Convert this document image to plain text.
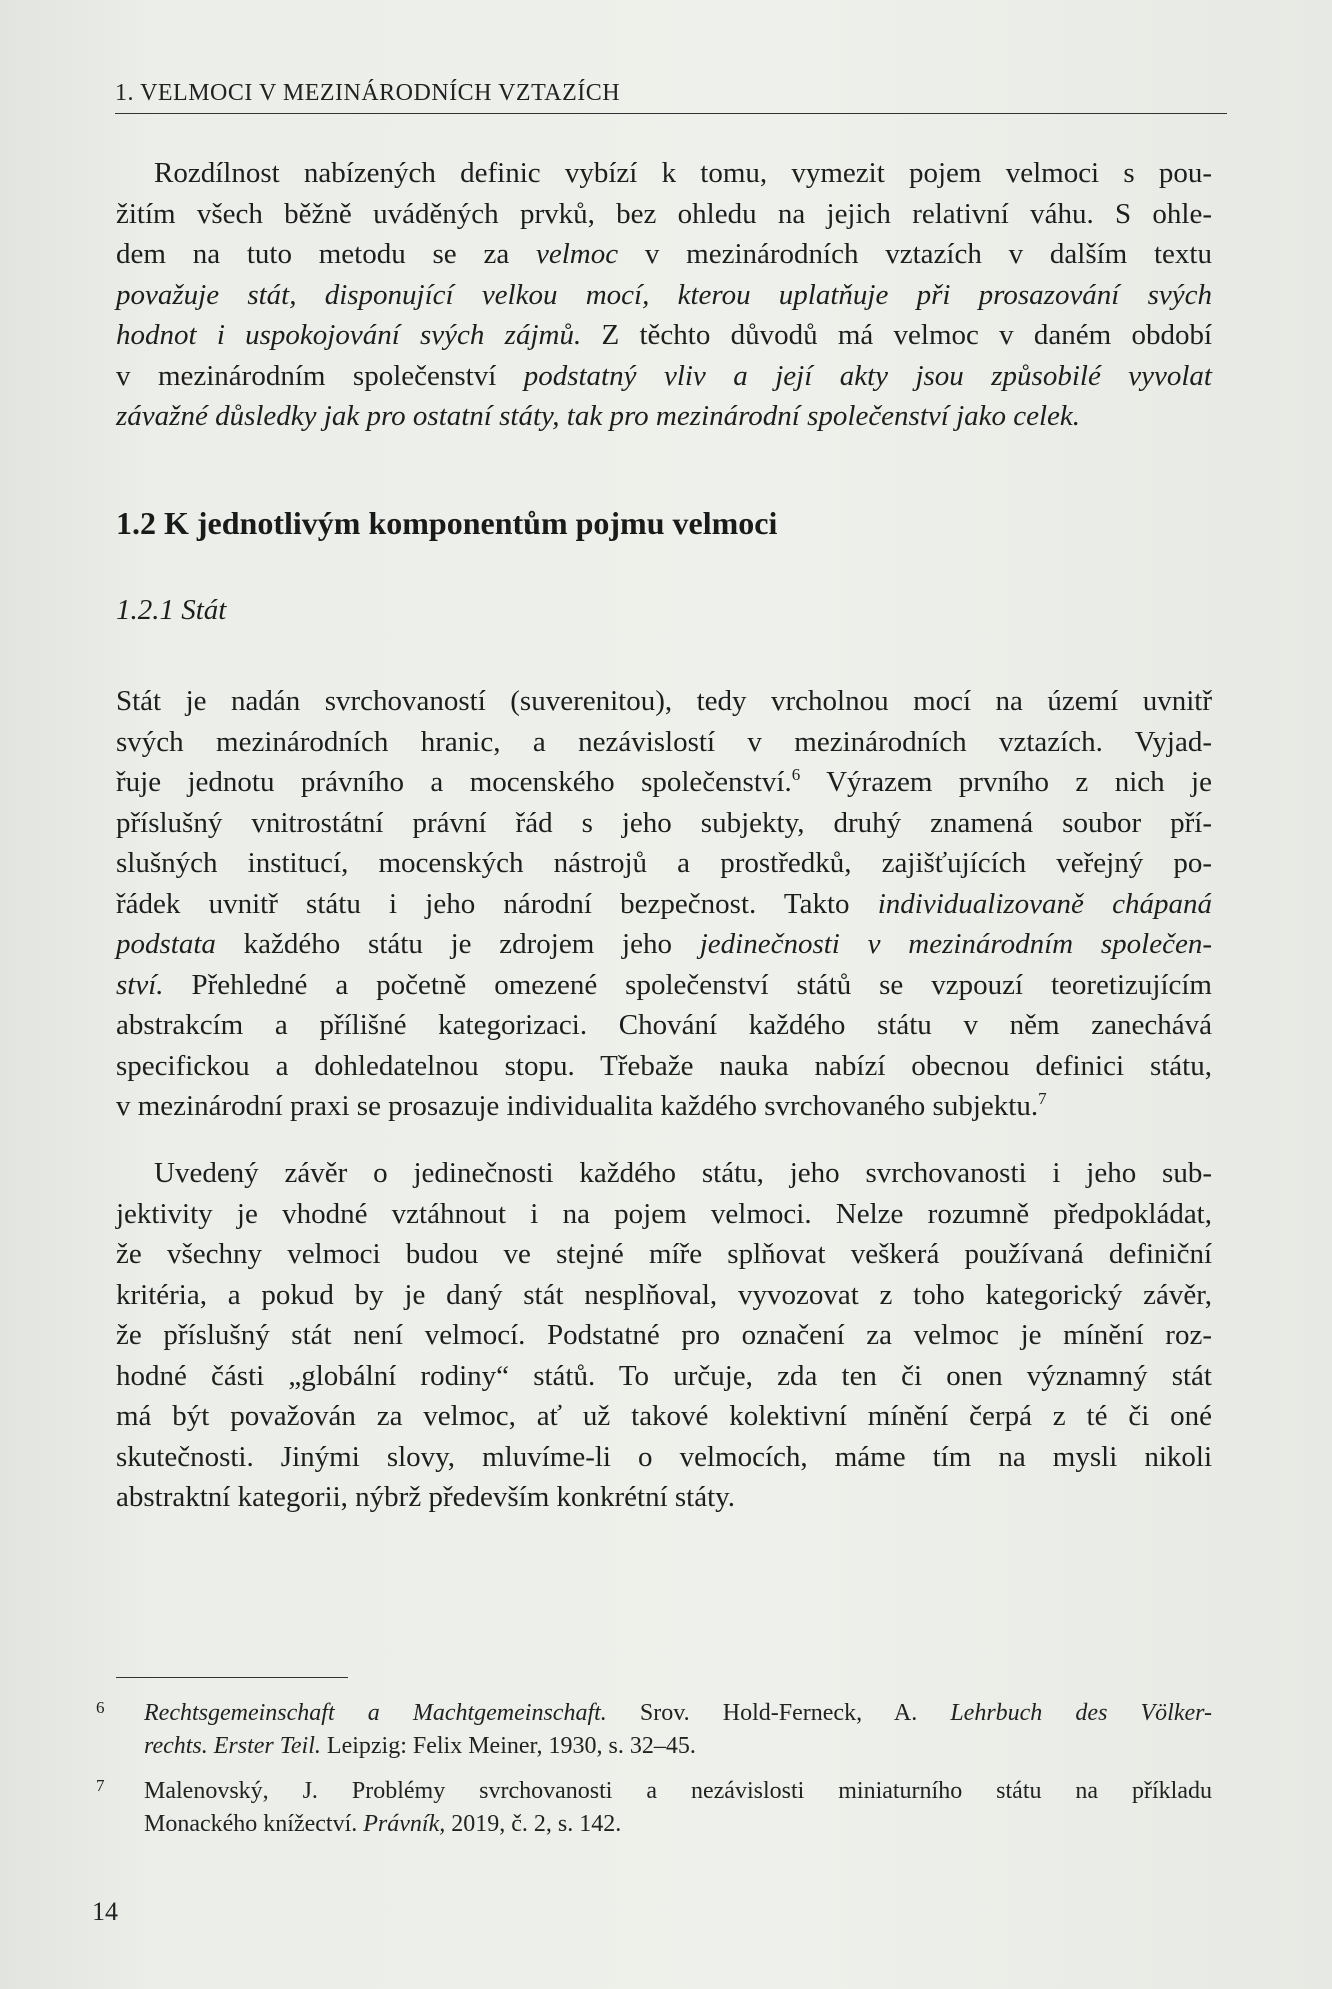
1. VELMOCI V MEZINÁRODNÍCH VZTAZÍCH
Rozdílnost nabízených definic vybízí k tomu, vymezit pojem velmoci s pou-
žitím všech běžně uváděných prvků, bez ohledu na jejich relativní váhu. S ohle-
dem na tuto metodu se za velmoc v mezinárodních vztazích v dalším textu
považuje stát, disponující velkou mocí, kterou uplatňuje při prosazování svých
hodnot i uspokojování svých zájmů. Z těchto důvodů má velmoc v daném období
v mezinárodním společenství podstatný vliv a její akty jsou způsobilé vyvolat
závažné důsledky jak pro ostatní státy, tak pro mezinárodní společenství jako celek.
1.2 K jednotlivým komponentům pojmu velmoci
1.2.1 Stát
Stát je nadán svrchovaností (suverenitou), tedy vrcholnou mocí na území uvnitř
svých mezinárodních hranic, a nezávislostí v mezinárodních vztazích. Vyjad-
řuje jednotu právního a mocenského společenství.$^6$ Výrazem prvního z nich je
příslušný vnitrostátní právní řád s jeho subjekty, druhý znamená soubor pří-
slušných institucí, mocenských nástrojů a prostředků, zajišťujících veřejný po-
řádek uvnitř státu i jeho národní bezpečnost. Takto individualizovaně chápaná
podstata každého státu je zdrojem jeho jedinečnosti v mezinárodním společen-
ství. Přehledné a početně omezené společenství států se vzpouzí teoretizujícím
abstrakcím a přílišné kategorizaci. Chování každého státu v něm zanechává
specifickou a dohledatelnou stopu. Třebaže nauka nabízí obecnou definici státu,
v mezinárodní praxi se prosazuje individualita každého svrchovaného subjektu.$^7$
Uvedený závěr o jedinečnosti každého státu, jeho svrchovanosti i jeho sub-
jektivity je vhodné vztáhnout i na pojem velmoci. Nelze rozumně předpokládat,
že všechny velmoci budou ve stejné míře splňovat veškerá používaná definiční
kritéria, a pokud by je daný stát nesplňoval, vyvozovat z toho kategorický závěr,
že příslušný stát není velmocí. Podstatné pro označení za velmoc je mínění roz-
hodné části „globální rodiny“ států. To určuje, zda ten či onen významný stát
má být považován za velmoc, ať už takové kolektivní mínění čerpá z té či oné
skutečnosti. Jinými slovy, mluvíme-li o velmocích, máme tím na mysli nikoli
abstraktní kategorii, nýbrž především konkrétní státy.
6 Rechtsgemeinschaft a Machtgemeinschaft. Srov. Hold-Ferneck, A. Lehrbuch des Völker-
rechts. Erster Teil. Leipzig: Felix Meiner, 1930, s. 32–45.
7 Malenovský, J. Problémy svrchovanosti a nezávislosti miniaturního státu na příkladu
Monackého knížectví. Právník, 2019, č. 2, s. 142.
14
